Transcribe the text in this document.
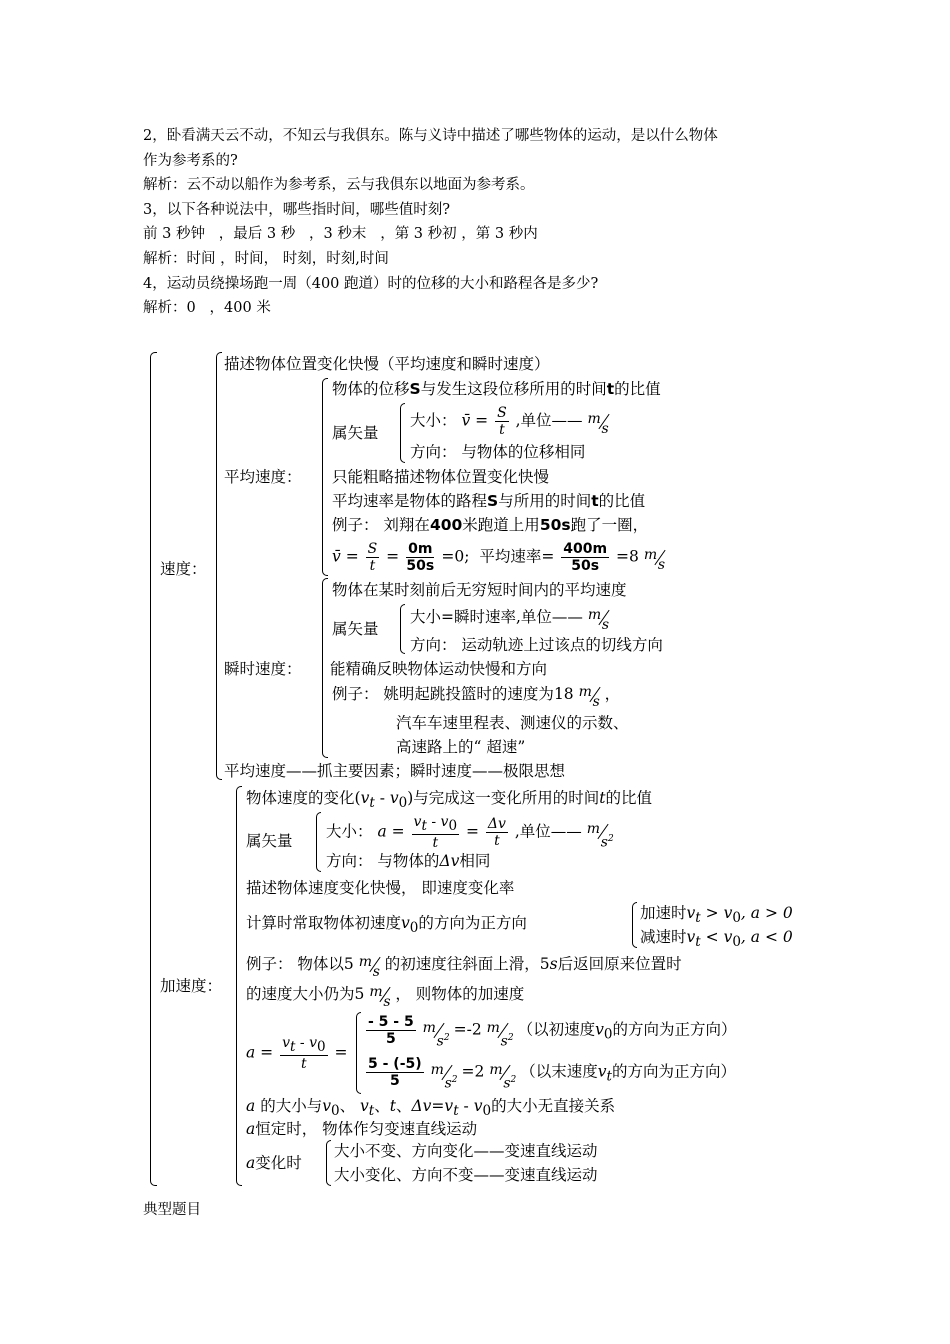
2，卧看满天云不动，不知云与我俱东。陈与义诗中描述了哪些物体的运动，是以什么物体

作为参考系的?

解析：云不动以船作为参考系，云与我俱东以地面为参考系。

3，以下各种说法中，哪些指时间，哪些值时刻?

前 3 秒钟   ，最后 3 秒   ，3 秒末   ，第 3 秒初 ，第 3 秒内

解析：时间 ，时间， 时刻，时刻,时间

4，运动员绕操场跑一周（400 跑道）时的位移的大小和路程各是多少?

解析：0   ，400 米

速度：
描述物体位置变化快慢（平均速度和瞬时速度）
平均速度：
物体的位移S与发生这段位移所用的时间t的比值
属矢量
大小： v̄ = $\frac{S}{t}$ ,单位—— m
s
方向： 与物体的位移相同
只能粗略描述物体位置变化快慢
平均速率是物体的路程S与所用的时间t的比值
例子： 刘翔在400米跑道上用50s跑了一圈，
v̄ = $\frac{S}{t} = \frac{0m}{50s} =0$; 平均速率= $\frac{400m}{50s} =8$ m
s
瞬时速度：
物体在某时刻前后无穷短时间内的平均速度
属矢量
大小=瞬时速率,单位—— m
s
方向： 运动轨迹上过该点的切线方向
能精确反映物体运动快慢和方向
例子： 姚明起跳投篮时的速度为18 m
s ，
汽车车速里程表、测速仪的示数、
高速路上的“ 超速”
平均速度——抓主要因素；瞬时速度——极限思想
加速度：
物体速度的变化$(v_t - v_0)$与完成这一变化所用的时间t的比值
属矢量
大小： $a = \frac{v_t - v_0}{t} = \frac{\Delta v}{t}$ ,单位—— m
$s^2$
方向： 与物体的Δv相同
描述物体速度变化快慢， 即速度变化率
计算时常取物体初速度$v_0$的方向为正方向
加速时$v_t > v_0$, a > 0
减速时$v_t < v_0$, a < 0
例子： 物体以5 m
s 的初速度往斜面上滑，5s后返回原来位置时
的速度大小仍为5 m
s ， 则物体的加速度
$a = \frac{v_t - v_0}{t}$ =
$\frac{- 5 - 5}{5}$
m
$s^2 =-2$ m
$s^2$ （以初速度$v_0$的方向为正方向）
$\frac{5 - (-5)}{5}$
m
$s^2 =2$ m
$s^2$ （以末速度$v_t$的方向为正方向）
a 的大小与$v_0$、 $v_t$、t、$\Delta v=v_t - v_0$的大小无直接关系
a恒定时， 物体作匀变速直线运动
a变化时
大小不变、方向变化——变速直线运动
大小变化、方向不变——变速直线运动
典型题目
